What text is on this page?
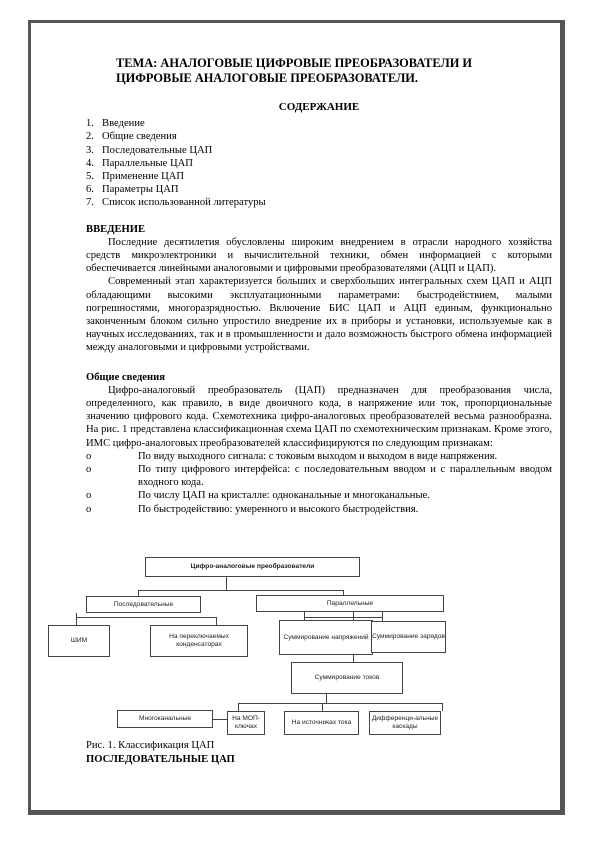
ТЕМА: АНАЛОГОВЫЕ ЦИФРОВЫЕ ПРЕОБРАЗОВАТЕЛИ И ЦИФРОВЫЕ АНАЛОГОВЫЕ ПРЕОБРАЗОВАТЕЛИ.
СОДЕРЖАНИЕ
1. Введение
2. Общие сведения
3. Последовательные ЦАП
4. Параллельные ЦАП
5. Применение ЦАП
6. Параметры ЦАП
7. Список использованной литературы
ВВЕДЕНИЕ

Последние десятилетия обусловлены широким внедрением в отрасли народного хозяйства средств микроэлектроники и вычислительной техники, обмен информацией с которыми обеспечивается линейными аналоговыми и цифровыми преобразователями (АЦП и ЦАП).

Современный этап характеризуется больших и сверхбольших интегральных схем ЦАП и АЦП обладающими высокими эксплуатационными параметрами: быстродействием, малыми погрешностями, многоразрядностью. Включение БИС ЦАП и АЦП единым, функционально законченным блоком сильно упростило внедрение их в приборы и установки, используемые как в научных исследованиях, так и в промышленности и дало возможность быстрого обмена информацией между аналоговыми и цифровыми устройствами.

Общие сведения

Цифро-аналоговый преобразователь (ЦАП) предназначен для преобразования числа, определенного, как правило, в виде двоичного кода, в напряжение или ток, пропорциональные значению цифрового кода. Схемотехника цифро-аналоговых преобразователей весьма разнообразна. На рис. 1 представлена классификационная схема ЦАП по схемотехническим признакам. Кроме этого, ИМС цифро-аналоговых преобразователей классифицируются по следующим признакам:

o	По виду выходного сигнала: с токовым выходом и выходом в виде напряжения.
o	По типу цифрового интерфейса: с последовательным вводом и с параллельным вводом входного кода.
o	По числу ЦАП на кристалле: одноканальные и многоканальные.
o	По быстродействию: умеренного и высокого быстродействия.
Цифро-аналоговые преобразователи
Последовательные	Параллельные
ШИМ
На переключаемых конденсаторах
Суммирование напряжений Суммирование зарядов
Суммирование токов
Многоканальные	На МОП-ключах
На источниках тока
Дифференци-альные каскады
Рис. 1. Классификация ЦАП
ПОСЛЕДОВАТЕЛЬНЫЕ ЦАП
